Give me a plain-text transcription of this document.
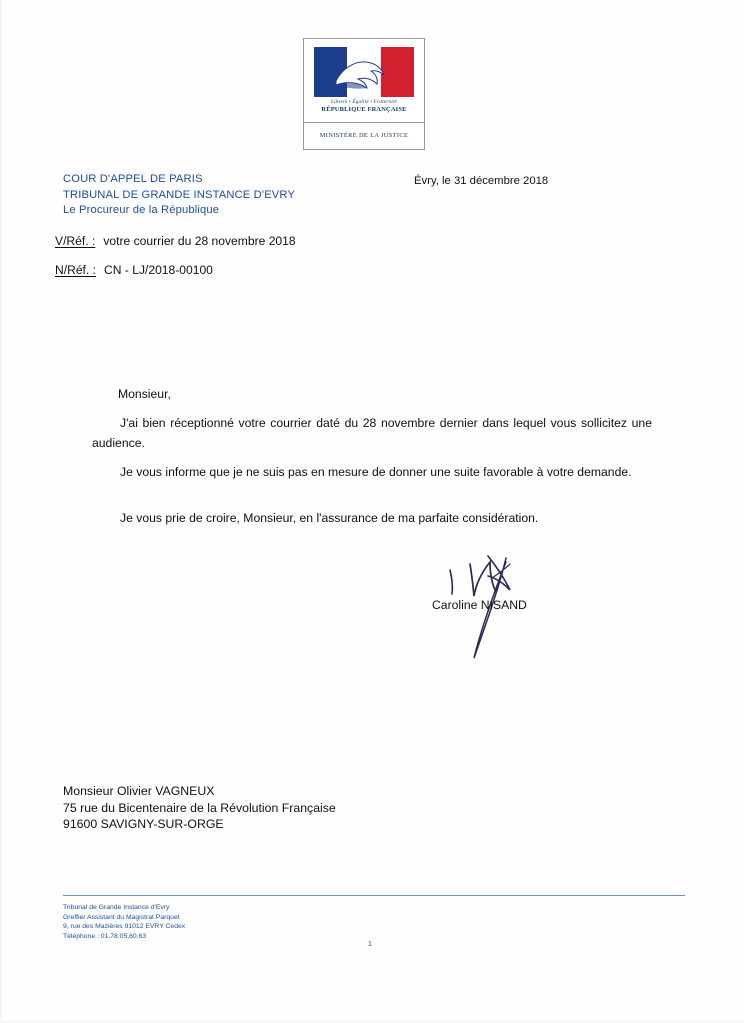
Liberté • Égalité • Fraternité
RÉPUBLIQUE FRANÇAISE
MINISTÈRE DE LA JUSTICE
COUR D'APPEL DE PARIS
TRIBUNAL DE GRANDE INSTANCE D'EVRY
Le Procureur de la République
Évry, le 31 décembre 2018
V/Réf. : votre courrier du 28 novembre 2018
N/Réf. : CN - LJ/2018-00100
Monsieur,
J'ai bien réceptionné votre courrier daté du 28 novembre dernier dans lequel vous sollicitez une audience.
Je vous informe que je ne suis pas en mesure de donner une suite favorable à votre demande.
Je vous prie de croire, Monsieur, en l'assurance de ma parfaite considération.
Caroline NISAND
Monsieur Olivier VAGNEUX
75 rue du Bicentenaire de la Révolution Française
91600 SAVIGNY-SUR-ORGE
Tribunal de Grande Instance d'Evry
Greffier Assistant du Magistrat Parquet
9, rue des Mazières 91012 EVRY Cedex
Téléphone : 01.78.05,60,63
1
